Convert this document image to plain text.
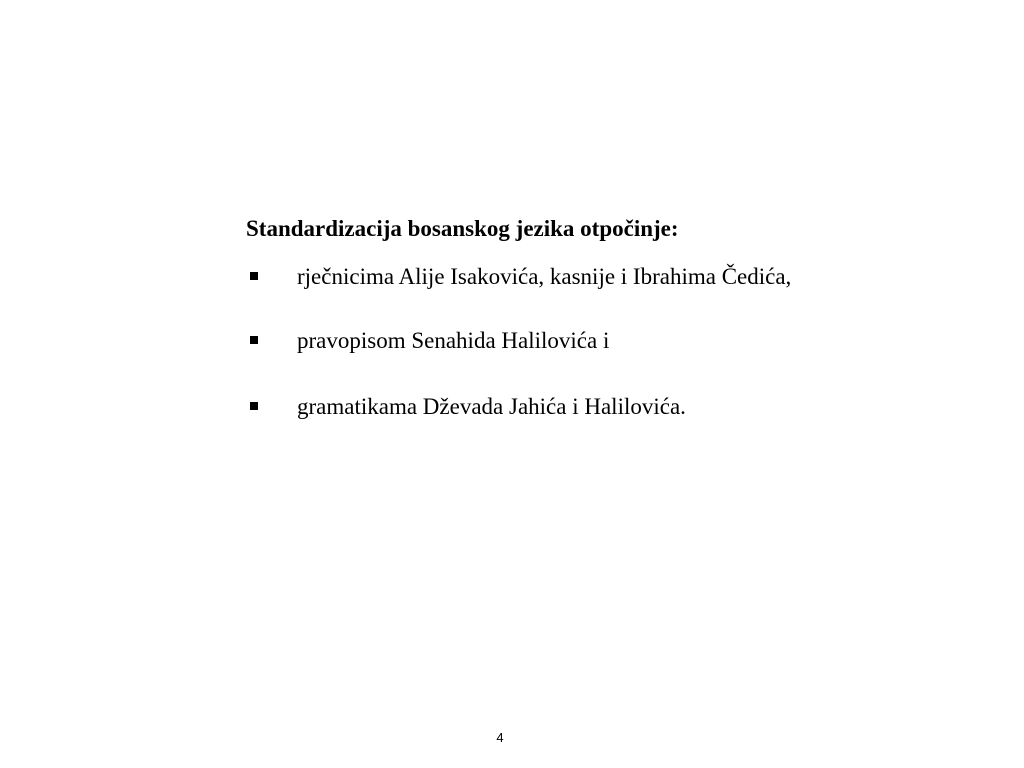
Standardizacija bosanskog jezika otpočinje:
rječnicima Alije Isakovića, kasnije i Ibrahima Čedića,
pravopisom Senahida Halilovića i
gramatikama Dževada Jahića i Halilovića.
4
